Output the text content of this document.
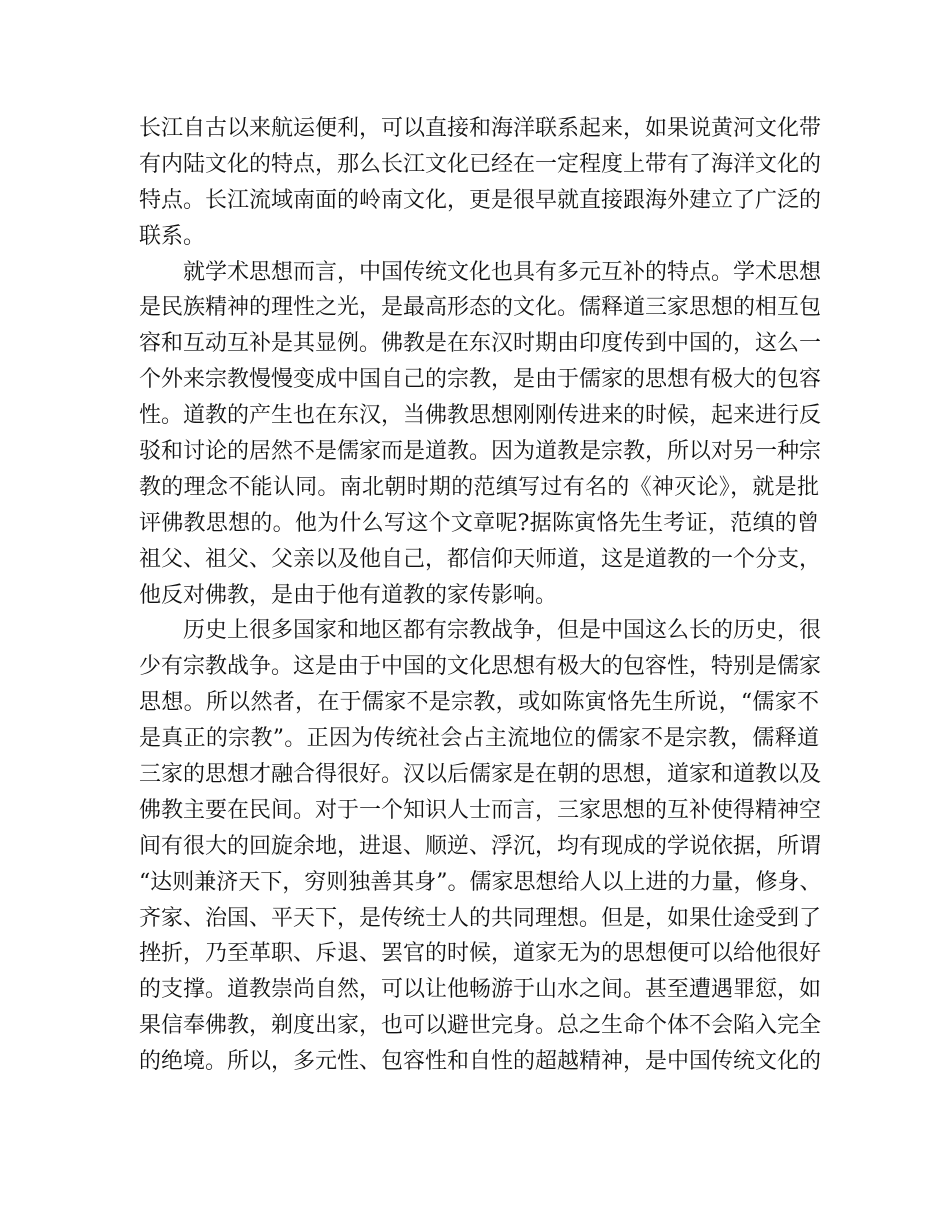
长江自古以来航运便利，可以直接和海洋联系起来，如果说黄河文化带
有内陆文化的特点，那么长江文化已经在一定程度上带有了海洋文化的
特点。长江流域南面的岭南文化，更是很早就直接跟海外建立了广泛的
联系。
　　就学术思想而言，中国传统文化也具有多元互补的特点。学术思想
是民族精神的理性之光，是最高形态的文化。儒释道三家思想的相互包
容和互动互补是其显例。佛教是在东汉时期由印度传到中国的，这么一
个外来宗教慢慢变成中国自己的宗教，是由于儒家的思想有极大的包容
性。道教的产生也在东汉，当佛教思想刚刚传进来的时候，起来进行反
驳和讨论的居然不是儒家而是道教。因为道教是宗教，所以对另一种宗
教的理念不能认同。南北朝时期的范缜写过有名的《神灭论》，就是批
评佛教思想的。他为什么写这个文章呢?据陈寅恪先生考证，范缜的曾
祖父、祖父、父亲以及他自己，都信仰天师道，这是道教的一个分支，
他反对佛教，是由于他有道教的家传影响。
　　历史上很多国家和地区都有宗教战争，但是中国这么长的历史，很
少有宗教战争。这是由于中国的文化思想有极大的包容性，特别是儒家
思想。所以然者，在于儒家不是宗教，或如陈寅恪先生所说，“儒家不
是真正的宗教”。正因为传统社会占主流地位的儒家不是宗教，儒释道
三家的思想才融合得很好。汉以后儒家是在朝的思想，道家和道教以及
佛教主要在民间。对于一个知识人士而言，三家思想的互补使得精神空
间有很大的回旋余地，进退、顺逆、浮沉，均有现成的学说依据，所谓
“达则兼济天下，穷则独善其身”。儒家思想给人以上进的力量，修身、
齐家、治国、平天下，是传统士人的共同理想。但是，如果仕途受到了
挫折，乃至革职、斥退、罢官的时候，道家无为的思想便可以给他很好
的支撑。道教崇尚自然，可以让他畅游于山水之间。甚至遭遇罪愆，如
果信奉佛教，剃度出家，也可以避世完身。总之生命个体不会陷入完全
的绝境。所以，多元性、包容性和自性的超越精神，是中国传统文化的
